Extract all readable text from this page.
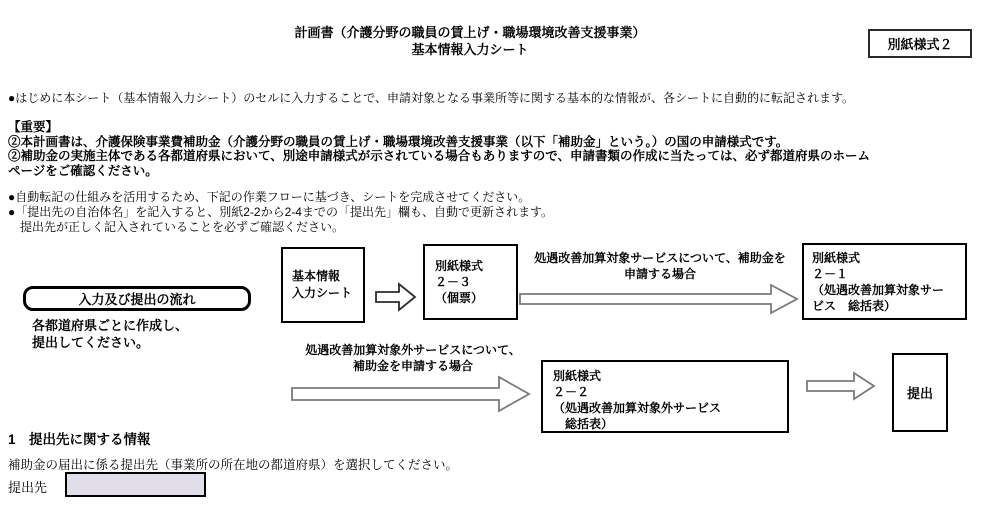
計画書（介護分野の職員の賃上げ・職場環境改善支援事業）
基本情報入力シート	別紙様式２
●はじめに本シート（基本情報入力シート）のセルに入力することで、申請対象となる事業所等に関する基本的な情報が、各シートに自動的に転記されます。
【重要】
②本計画書は、介護保険事業費補助金（介護分野の職員の賃上げ・職場環境改善支援事業（以下「補助金」という。）の国の申請様式です。
②補助金の実施主体である各都道府県において、別途申請様式が示されている場合もありますので、申請書類の作成に当たっては、必ず都道府県のホーム
ページをご確認ください。
●自動転記の仕組みを活用するため、下記の作業フローに基づき、シートを完成させてください。
●「提出先の自治体名」を記入すると、別紙2-2から2-4までの「提出先」欄も、自動で更新されます。
　提出先が正しく記入されていることを必ずご確認ください。
入力及び提出の流れ
各都道府県ごとに作成し、
提出してください。
基本情報
入力シート
別紙様式
２－３
（個票）
処遇改善加算対象サービスについて、補助金を
申請する場合
別紙様式
２－１
（処遇改善加算対象サー
ビス　総括表）
処遇改善加算対象外サービスについて、
補助金を申請する場合
別紙様式
２－２
（処遇改善加算対象外サービス
　総括表）
提出
1　提出先に関する情報
補助金の届出に係る提出先（事業所の所在地の都道府県）を選択してください。
提出先
